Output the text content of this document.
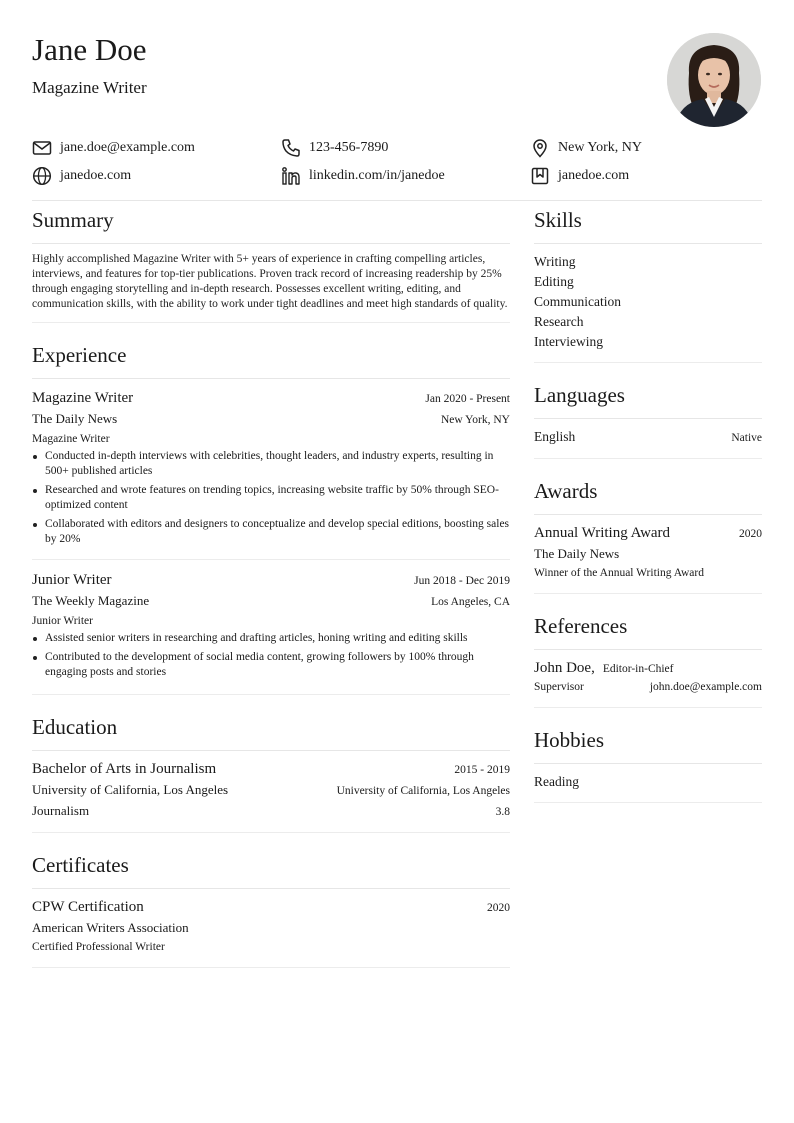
Jane Doe
Magazine Writer
jane.doe@example.com	123-456-7890	New York, NY
janedoe.com	linkedin.com/in/janedoe	janedoe.com
Summary

Highly accomplished Magazine Writer with 5+ years of experience in crafting compelling articles, interviews, and features for top-tier publications. Proven track record of increasing readership by 25% through engaging storytelling and in-depth research. Possesses excellent writing, editing, and communication skills, with the ability to work under tight deadlines and meet high standards of quality.

Experience
Magazine Writer	Jan 2020 - Present
The Daily News	New York, NY
Magazine Writer
Conducted in-depth interviews with celebrities, thought leaders, and industry experts, resulting in 500+ published articles
Researched and wrote features on trending topics, increasing website traffic by 50% through SEO-optimized content
Collaborated with editors and designers to conceptualize and develop special editions, boosting sales by 20%
Junior Writer	Jun 2018 - Dec 2019
The Weekly Magazine	Los Angeles, CA
Junior Writer
Assisted senior writers in researching and drafting articles, honing writing and editing skills
Contributed to the development of social media content, growing followers by 100% through engaging posts and stories
Education
Bachelor of Arts in Journalism	2015 - 2019
University of California, Los Angeles	University of California, Los Angeles
Journalism	3.8
Certificates
CPW Certification	2020
American Writers Association
Certified Professional Writer
Skills
Writing
Editing
Communication
Research
Interviewing
Languages
English	Native
Awards
Annual Writing Award	2020
The Daily News
Winner of the Annual Writing Award
References
John Doe, Editor-in-Chief
Supervisor	john.doe@example.com
Hobbies
Reading
